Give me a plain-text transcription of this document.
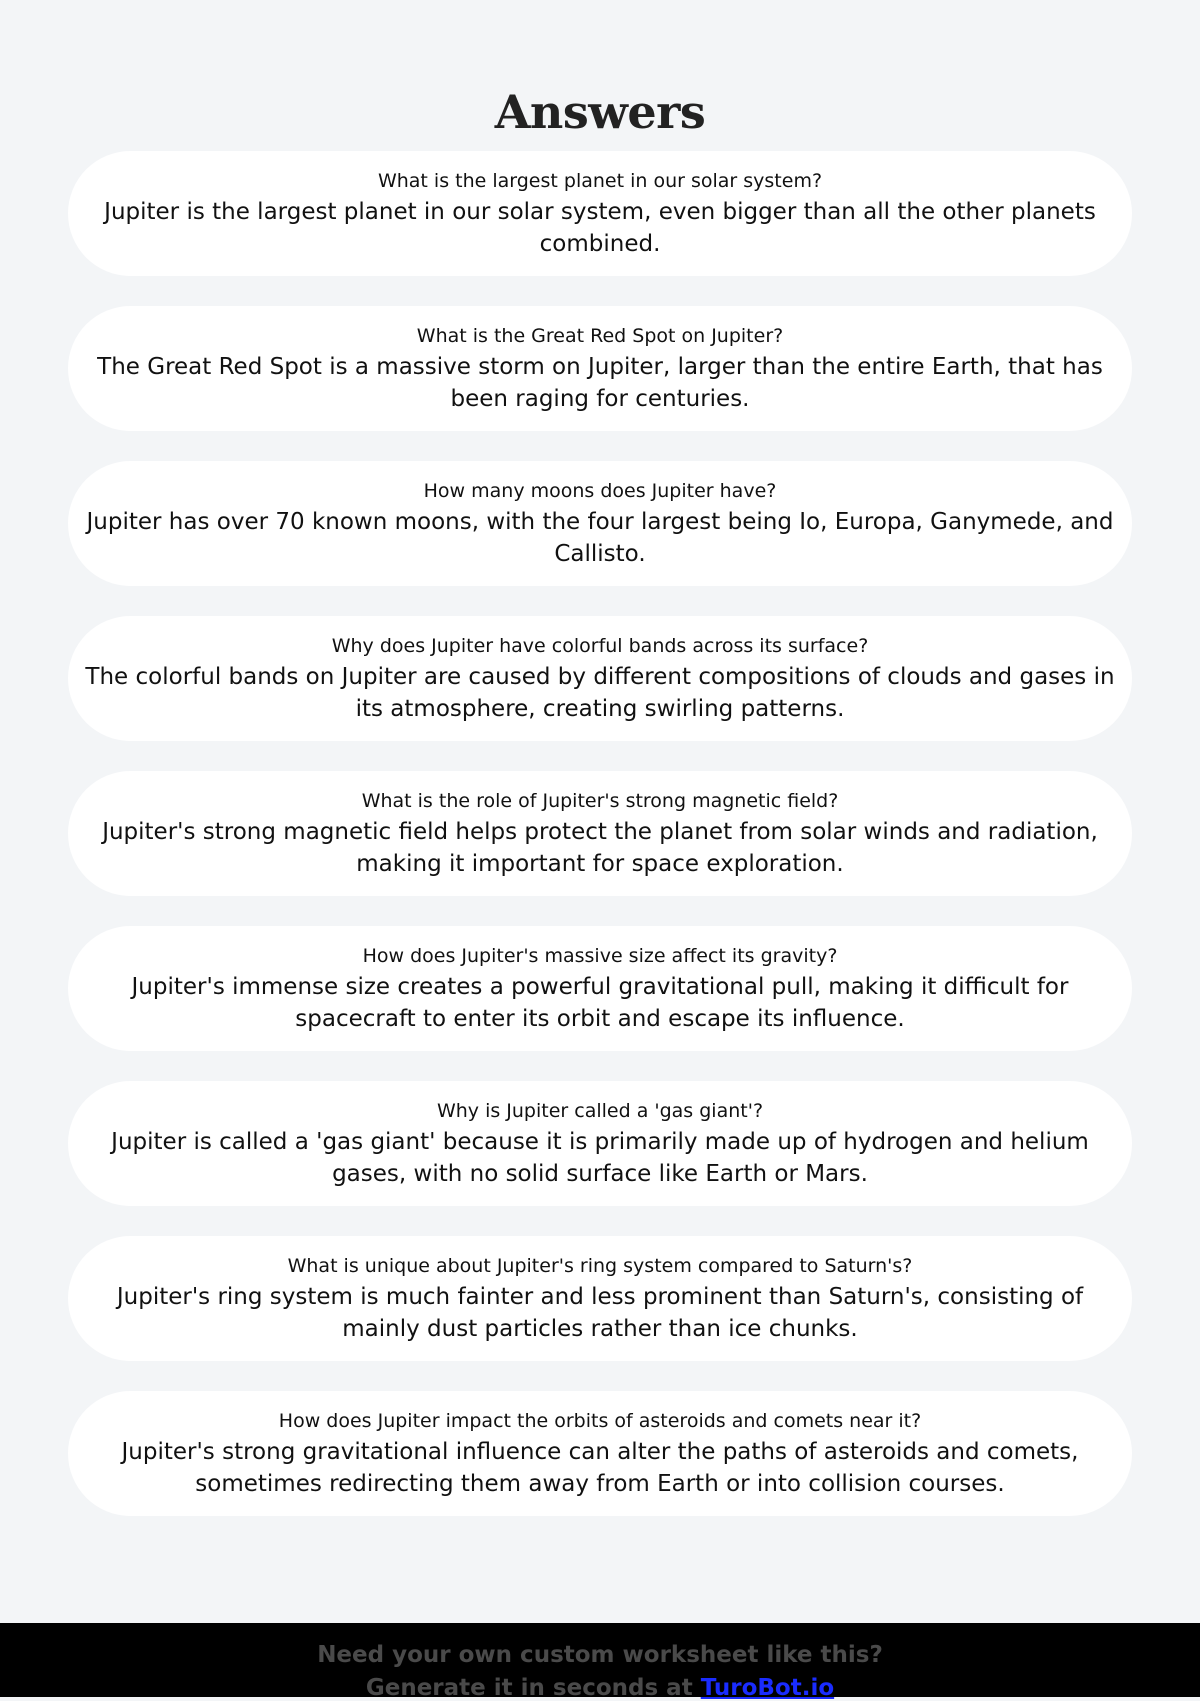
Answers
What is the largest planet in our solar system?
Jupiter is the largest planet in our solar system, even bigger than all the other planets combined.
What is the Great Red Spot on Jupiter?
The Great Red Spot is a massive storm on Jupiter, larger than the entire Earth, that has been raging for centuries.
How many moons does Jupiter have?
Jupiter has over 70 known moons, with the four largest being Io, Europa, Ganymede, and Callisto.
Why does Jupiter have colorful bands across its surface?
The colorful bands on Jupiter are caused by different compositions of clouds and gases in its atmosphere, creating swirling patterns.
What is the role of Jupiter's strong magnetic field?
Jupiter's strong magnetic field helps protect the planet from solar winds and radiation, making it important for space exploration.
How does Jupiter's massive size affect its gravity?
Jupiter's immense size creates a powerful gravitational pull, making it difficult for spacecraft to enter its orbit and escape its influence.
Why is Jupiter called a 'gas giant'?
Jupiter is called a 'gas giant' because it is primarily made up of hydrogen and helium gases, with no solid surface like Earth or Mars.
What is unique about Jupiter's ring system compared to Saturn's?
Jupiter's ring system is much fainter and less prominent than Saturn's, consisting of mainly dust particles rather than ice chunks.
How does Jupiter impact the orbits of asteroids and comets near it?
Jupiter's strong gravitational influence can alter the paths of asteroids and comets, sometimes redirecting them away from Earth or into collision courses.
Need your own custom worksheet like this?
Generate it in seconds at TuroBot.io
